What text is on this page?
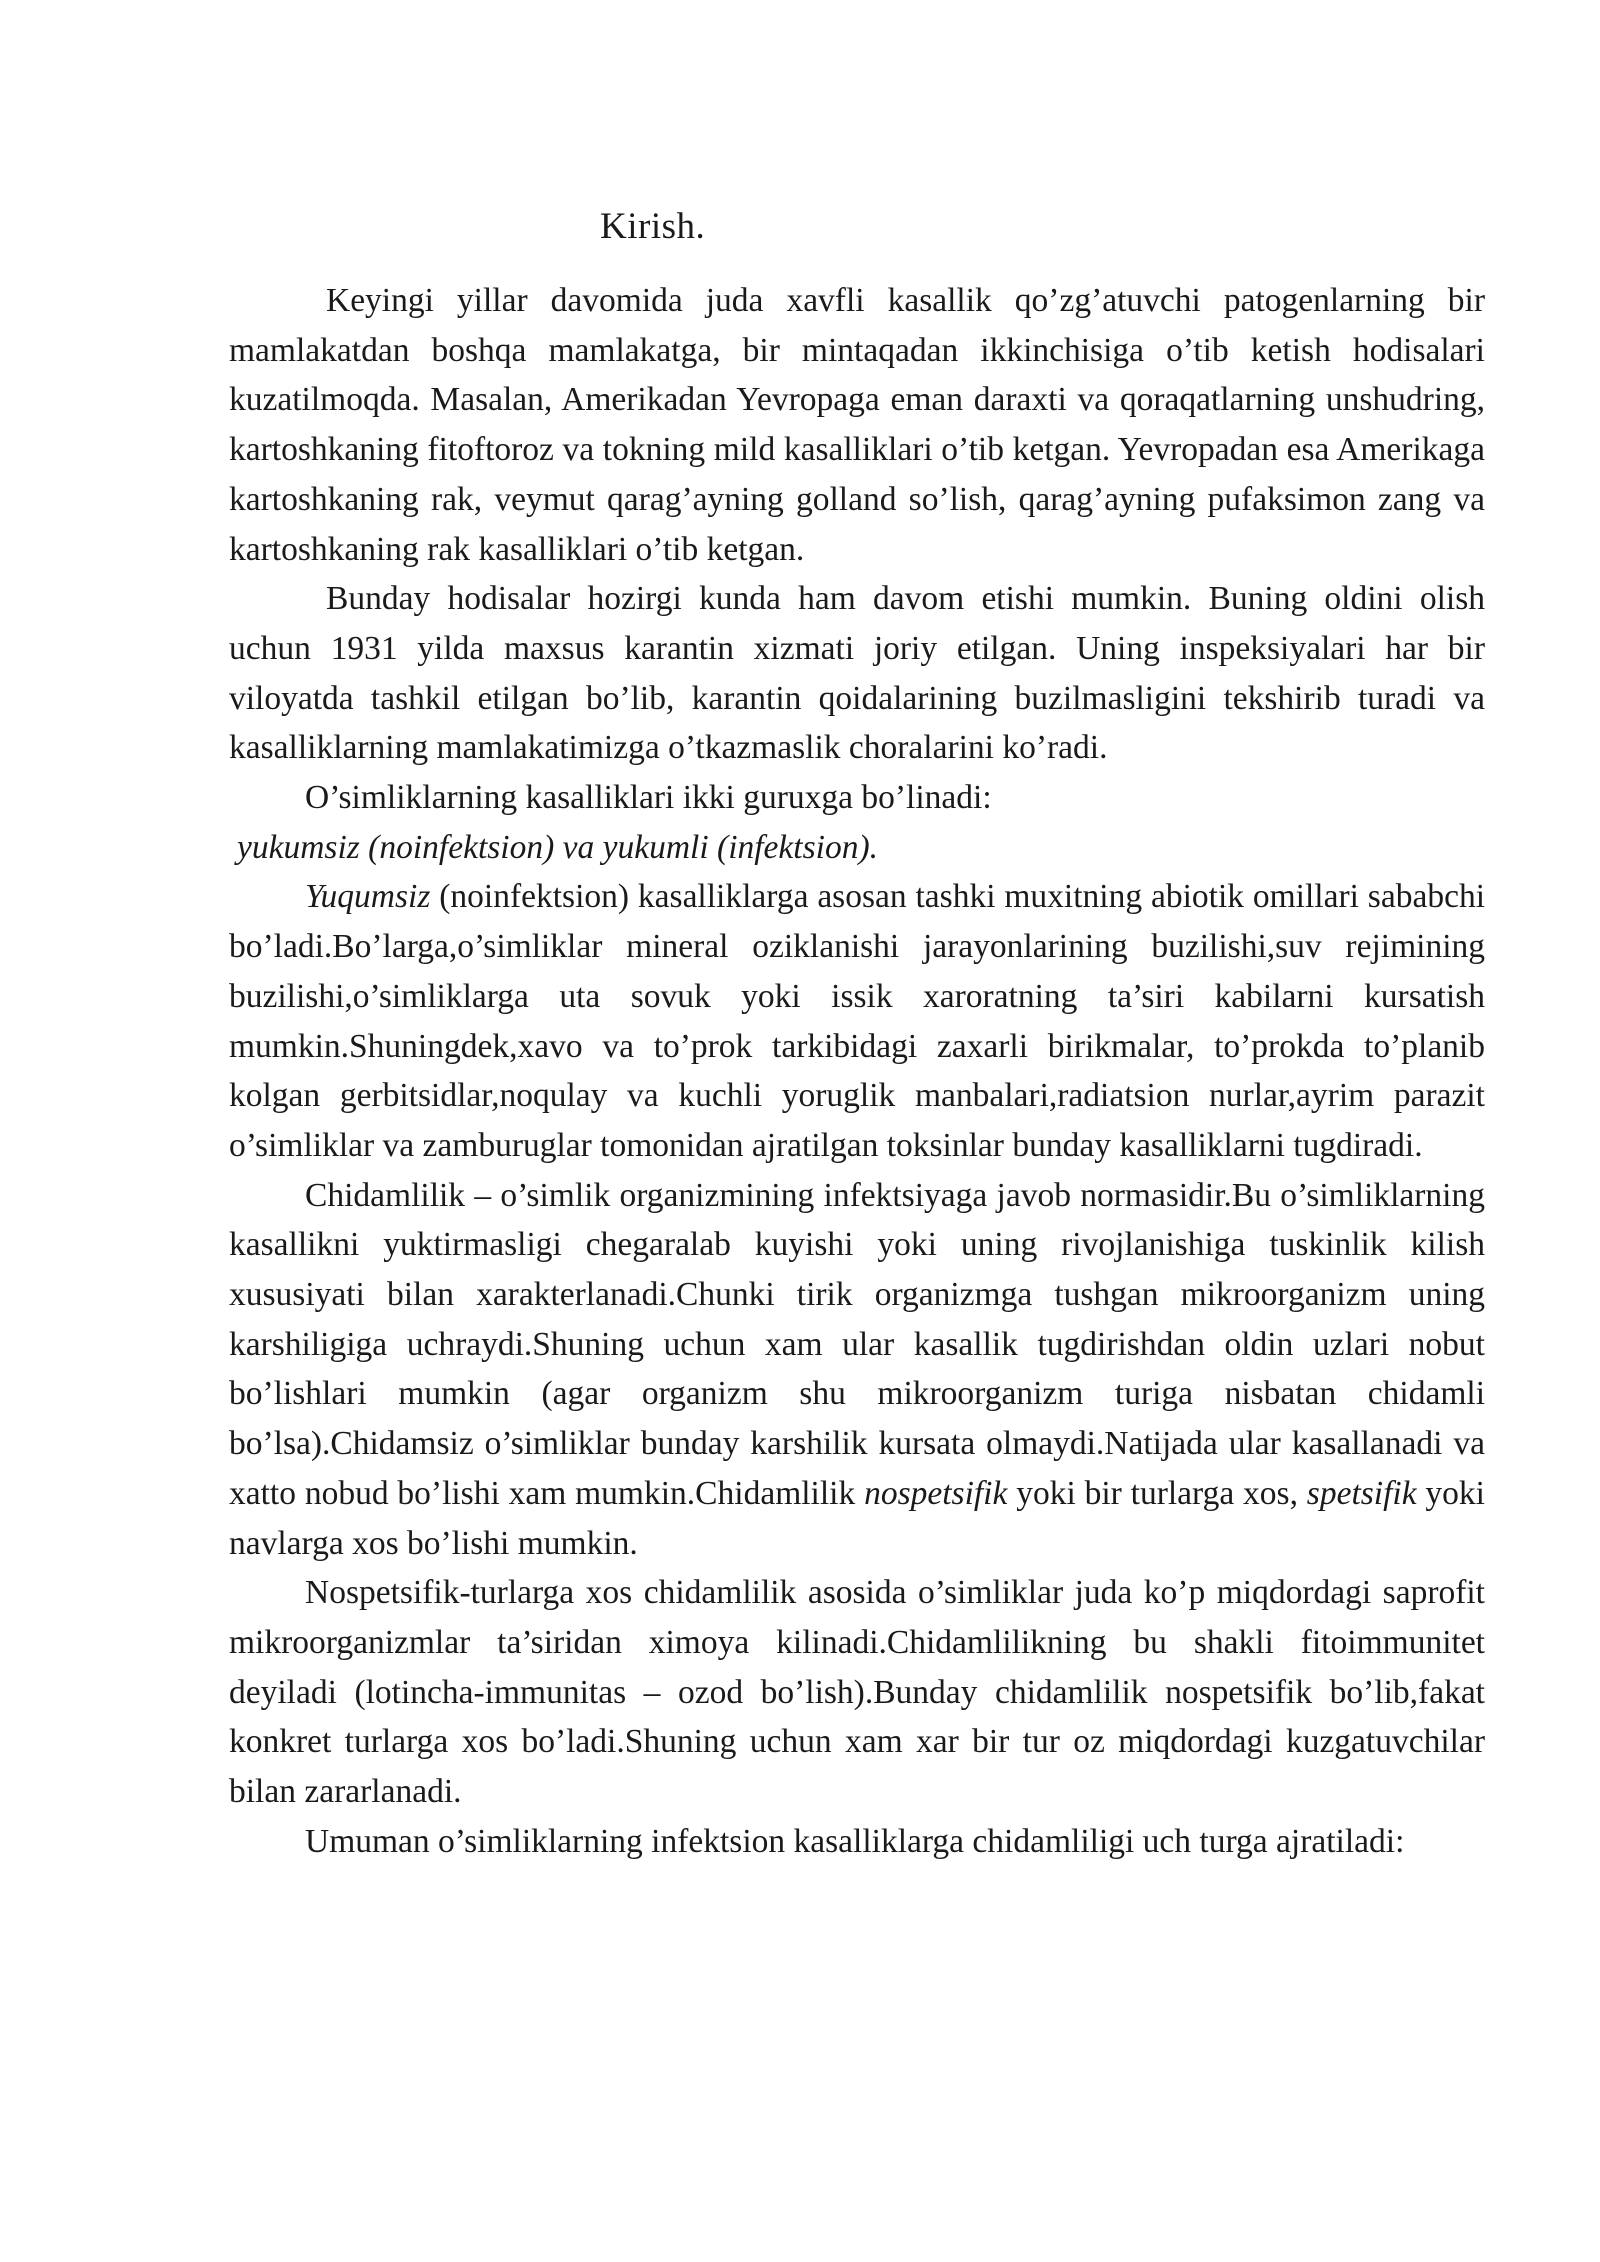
Kirish.

Keyingi yillar davomida juda xavfli kasallik qo’zg’atuvchi patogenlarning bir mamlakatdan boshqa mamlakatga, bir mintaqadan ikkinchisiga o’tib ketish hodisalari kuzatilmoqda. Masalan, Amerikadan Yevropaga eman daraxti va qoraqatlarning unshudring, kartoshkaning fitoftoroz va tokning mild kasalliklari o’tib ketgan. Yevropadan esa Amerikaga kartoshkaning rak, veymut qarag’ayning golland so’lish, qarag’ayning pufaksimon zang va kartoshkaning rak kasalliklari o’tib ketgan.

Bunday hodisalar hozirgi kunda ham davom etishi mumkin. Buning oldini olish uchun 1931 yilda maxsus karantin xizmati joriy etilgan. Uning inspeksiyalari har bir viloyatda tashkil etilgan bo’lib, karantin qoidalarining buzilmasligini tekshirib turadi va kasalliklarning mamlakatimizga o’tkazmaslik choralarini ko’radi.

O’simliklarning kasalliklari ikki guruxga bo’linadi:

yukumsiz (noinfektsion) va yukumli (infektsion).

Yuqumsiz (noinfektsion) kasalliklarga asosan tashki muxitning abiotik omillari sababchi bo’ladi.Bo’larga,o’simliklar mineral oziklanishi jarayonlarining buzilishi,suv rejimining buzilishi,o’simliklarga uta sovuk yoki issik xaroratning ta’siri kabilarni kursatish mumkin.Shuningdek,xavo va to’prok tarkibidagi zaxarli birikmalar, to’prokda to’planib kolgan gerbitsidlar,noqulay va kuchli yoruglik manbalari,radiatsion nurlar,ayrim parazit o’simliklar va zamburuglar tomonidan ajratilgan toksinlar bunday kasalliklarni tugdiradi.

Chidamlilik – o’simlik organizmining infektsiyaga javob normasidir.Bu o’simliklarning kasallikni yuktirmasligi chegaralab kuyishi yoki uning rivojlanishiga tuskinlik kilish xususiyati bilan xarakterlanadi.Chunki tirik organizmga tushgan mikroorganizm uning karshiligiga uchraydi.Shuning uchun xam ular kasallik tugdirishdan oldin uzlari nobut bo’lishlari mumkin (agar organizm shu mikroorganizm turiga nisbatan chidamli bo’lsa).Chidamsiz o’simliklar bunday karshilik kursata olmaydi.Natijada ular kasallanadi va xatto nobud bo’lishi xam mumkin.Chidamlilik nospetsifik yoki bir turlarga xos, spetsifik yoki navlarga xos bo’lishi mumkin.

Nospetsifik-turlarga xos chidamlilik asosida o’simliklar juda ko’p miqdordagi saprofit mikroorganizmlar ta’siridan ximoya kilinadi.Chidamlilikning bu shakli fitoimmunitet deyiladi (lotincha-immunitas – ozod bo’lish).Bunday chidamlilik nospetsifik bo’lib,fakat konkret turlarga xos bo’ladi.Shuning uchun xam xar bir tur oz miqdordagi kuzgatuvchilar bilan zararlanadi.

Umuman o’simliklarning infektsion kasalliklarga chidamliligi uch turga ajratiladi:
